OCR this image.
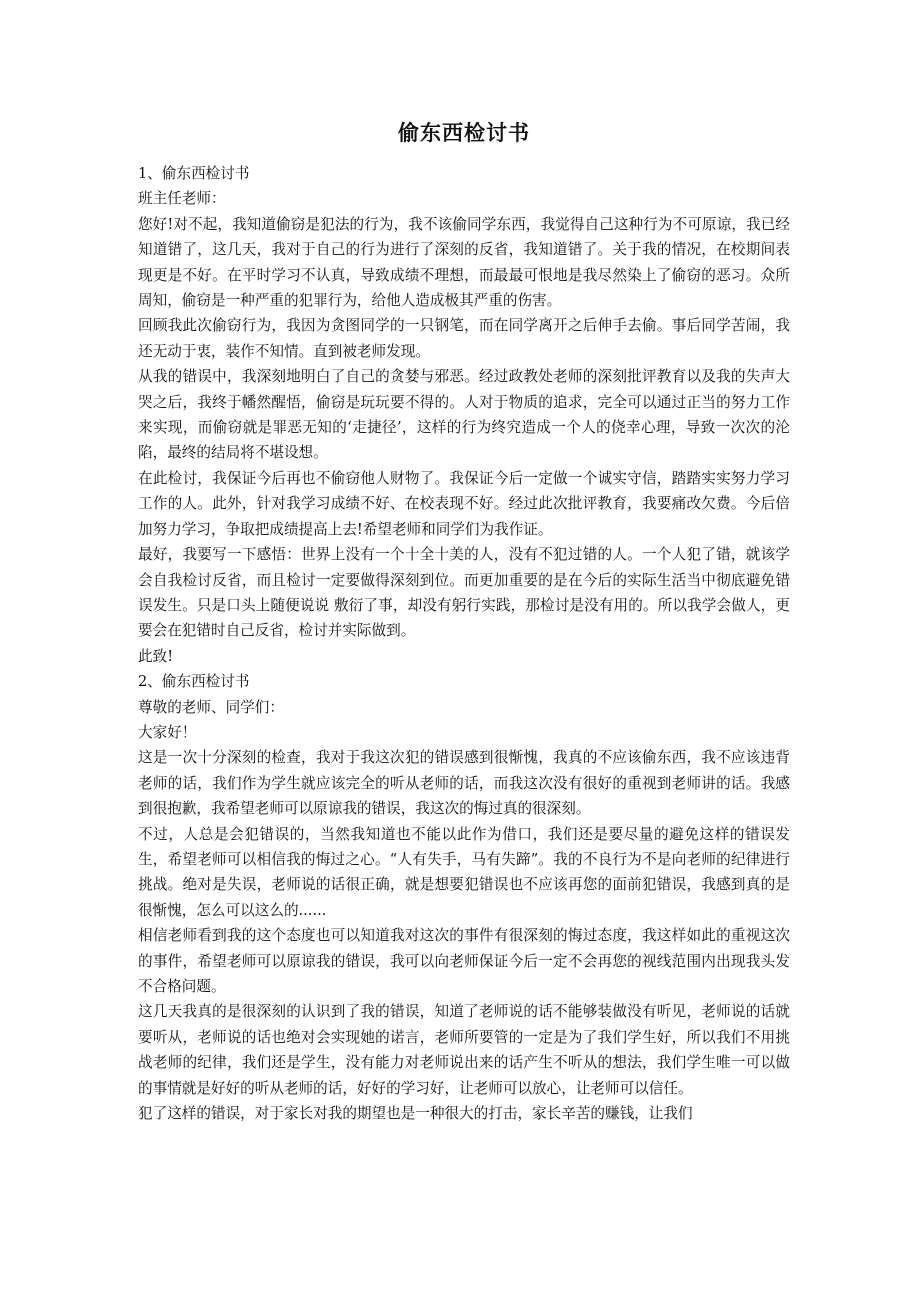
偷东西检讨书

1、偷东西检讨书

班主任老师：

您好!对不起，我知道偷窃是犯法的行为，我不该偷同学东西，我觉得自己这种行为不可原谅，我已经知道错了，这几天，我对于自己的行为进行了深刻的反省，我知道错了。关于我的情况，在校期间表现更是不好。在平时学习不认真，导致成绩不理想，而最最可恨地是我尽然染上了偷窃的恶习。众所周知，偷窃是一种严重的犯罪行为，给他人造成极其严重的伤害。

回顾我此次偷窃行为，我因为贪图同学的一只钢笔，而在同学离开之后伸手去偷。事后同学苦闹，我还无动于衷，装作不知情。直到被老师发现。

从我的错误中，我深刻地明白了自己的贪婪与邪恶。经过政教处老师的深刻批评教育以及我的失声大哭之后，我终于幡然醒悟，偷窃是玩玩要不得的。人对于物质的追求，完全可以通过正当的努力工作来实现，而偷窃就是罪恶无知的‘走捷径’，这样的行为终究造成一个人的侥幸心理，导致一次次的沦陷，最终的结局将不堪设想。

在此检讨，我保证今后再也不偷窃他人财物了。我保证今后一定做一个诚实守信，踏踏实实努力学习工作的人。此外，针对我学习成绩不好、在校表现不好。经过此次批评教育，我要痛改欠费。今后倍加努力学习，争取把成绩提高上去!希望老师和同学们为我作证。

最好，我要写一下感悟：世界上没有一个十全十美的人，没有不犯过错的人。一个人犯了错，就该学会自我检讨反省，而且检讨一定要做得深刻到位。而更加重要的是在今后的实际生活当中彻底避免错误发生。只是口头上随便说说 敷衍了事，却没有躬行实践，那检讨是没有用的。所以我学会做人，更要会在犯错时自己反省，检讨并实际做到。

此致!

2、偷东西检讨书

尊敬的老师、同学们：

大家好！

这是一次十分深刻的检查，我对于我这次犯的错误感到很惭愧，我真的不应该偷东西，我不应该违背老师的话，我们作为学生就应该完全的听从老师的话，而我这次没有很好的重视到老师讲的话。我感到很抱歉，我希望老师可以原谅我的错误，我这次的悔过真的很深刻。

不过，人总是会犯错误的，当然我知道也不能以此作为借口，我们还是要尽量的避免这样的错误发生，希望老师可以相信我的悔过之心。“人有失手，马有失蹄”。我的不良行为不是向老师的纪律进行挑战。绝对是失误，老师说的话很正确，就是想要犯错误也不应该再您的面前犯错误，我感到真的是很惭愧，怎么可以这么的......

相信老师看到我的这个态度也可以知道我对这次的事件有很深刻的悔过态度，我这样如此的重视这次的事件，希望老师可以原谅我的错误，我可以向老师保证今后一定不会再您的视线范围内出现我头发不合格问题。

这几天我真的是很深刻的认识到了我的错误，知道了老师说的话不能够装做没有听见，老师说的话就要听从，老师说的话也绝对会实现她的诺言，老师所要管的一定是为了我们学生好，所以我们不用挑战老师的纪律，我们还是学生，没有能力对老师说出来的话产生不听从的想法，我们学生唯一可以做的事情就是好好的听从老师的话，好好的学习好，让老师可以放心，让老师可以信任。

犯了这样的错误，对于家长对我的期望也是一种很大的打击，家长辛苦的赚钱，让我们
